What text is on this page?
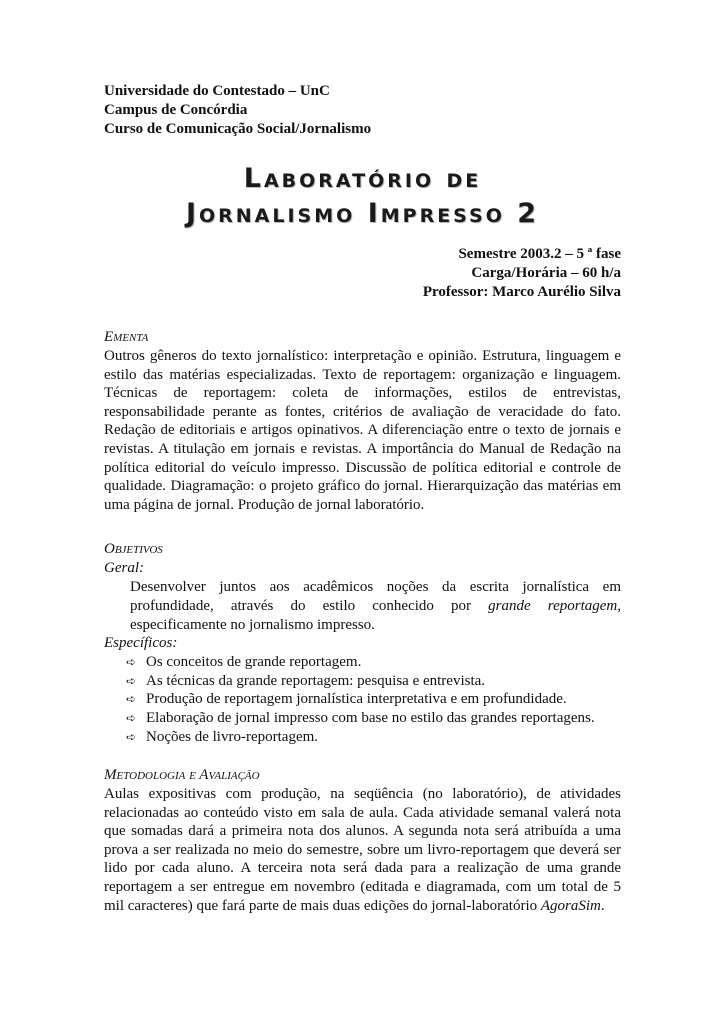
Universidade do Contestado – UnC
Campus de Concórdia
Curso de Comunicação Social/Jornalismo
Laboratório de
Jornalismo Impresso 2
Semestre 2003.2 – 5 ª fase
Carga/Horária – 60 h/a
Professor: Marco Aurélio Silva
Ementa

Outros gêneros do texto jornalístico: interpretação e opinião. Estrutura, linguagem e estilo das matérias especializadas. Texto de reportagem: organização e linguagem. Técnicas de reportagem: coleta de informações, estilos de entrevistas, responsabilidade perante as fontes, critérios de avaliação de veracidade do fato. Redação de editoriais e artigos opinativos. A diferenciação entre o texto de jornais e revistas. A titulação em jornais e revistas. A importância do Manual de Redação na política editorial do veículo impresso. Discussão de política editorial e controle de qualidade. Diagramação: o projeto gráfico do jornal. Hierarquização das matérias em uma página de jornal. Produção de jornal laboratório.

Objetivos
Geral:

Desenvolver juntos aos acadêmicos noções da escrita jornalística em profundidade, através do estilo conhecido por grande reportagem, especificamente no jornalismo impresso.

Específicos:
➪ Os conceitos de grande reportagem.
➪ As técnicas da grande reportagem: pesquisa e entrevista.
➪ Produção de reportagem jornalística interpretativa e em profundidade.
➪ Elaboração de jornal impresso com base no estilo das grandes reportagens.
➪ Noções de livro-reportagem.
Metodologia e Avaliação

Aulas expositivas com produção, na seqüência (no laboratório), de atividades relacionadas ao conteúdo visto em sala de aula. Cada atividade semanal valerá nota que somadas dará a primeira nota dos alunos. A segunda nota será atribuída a uma prova a ser realizada no meio do semestre, sobre um livro-reportagem que deverá ser lido por cada aluno. A terceira nota será dada para a realização de uma grande reportagem a ser entregue em novembro (editada e diagramada, com um total de 5 mil caracteres) que fará parte de mais duas edições do jornal-laboratório AgoraSim.
